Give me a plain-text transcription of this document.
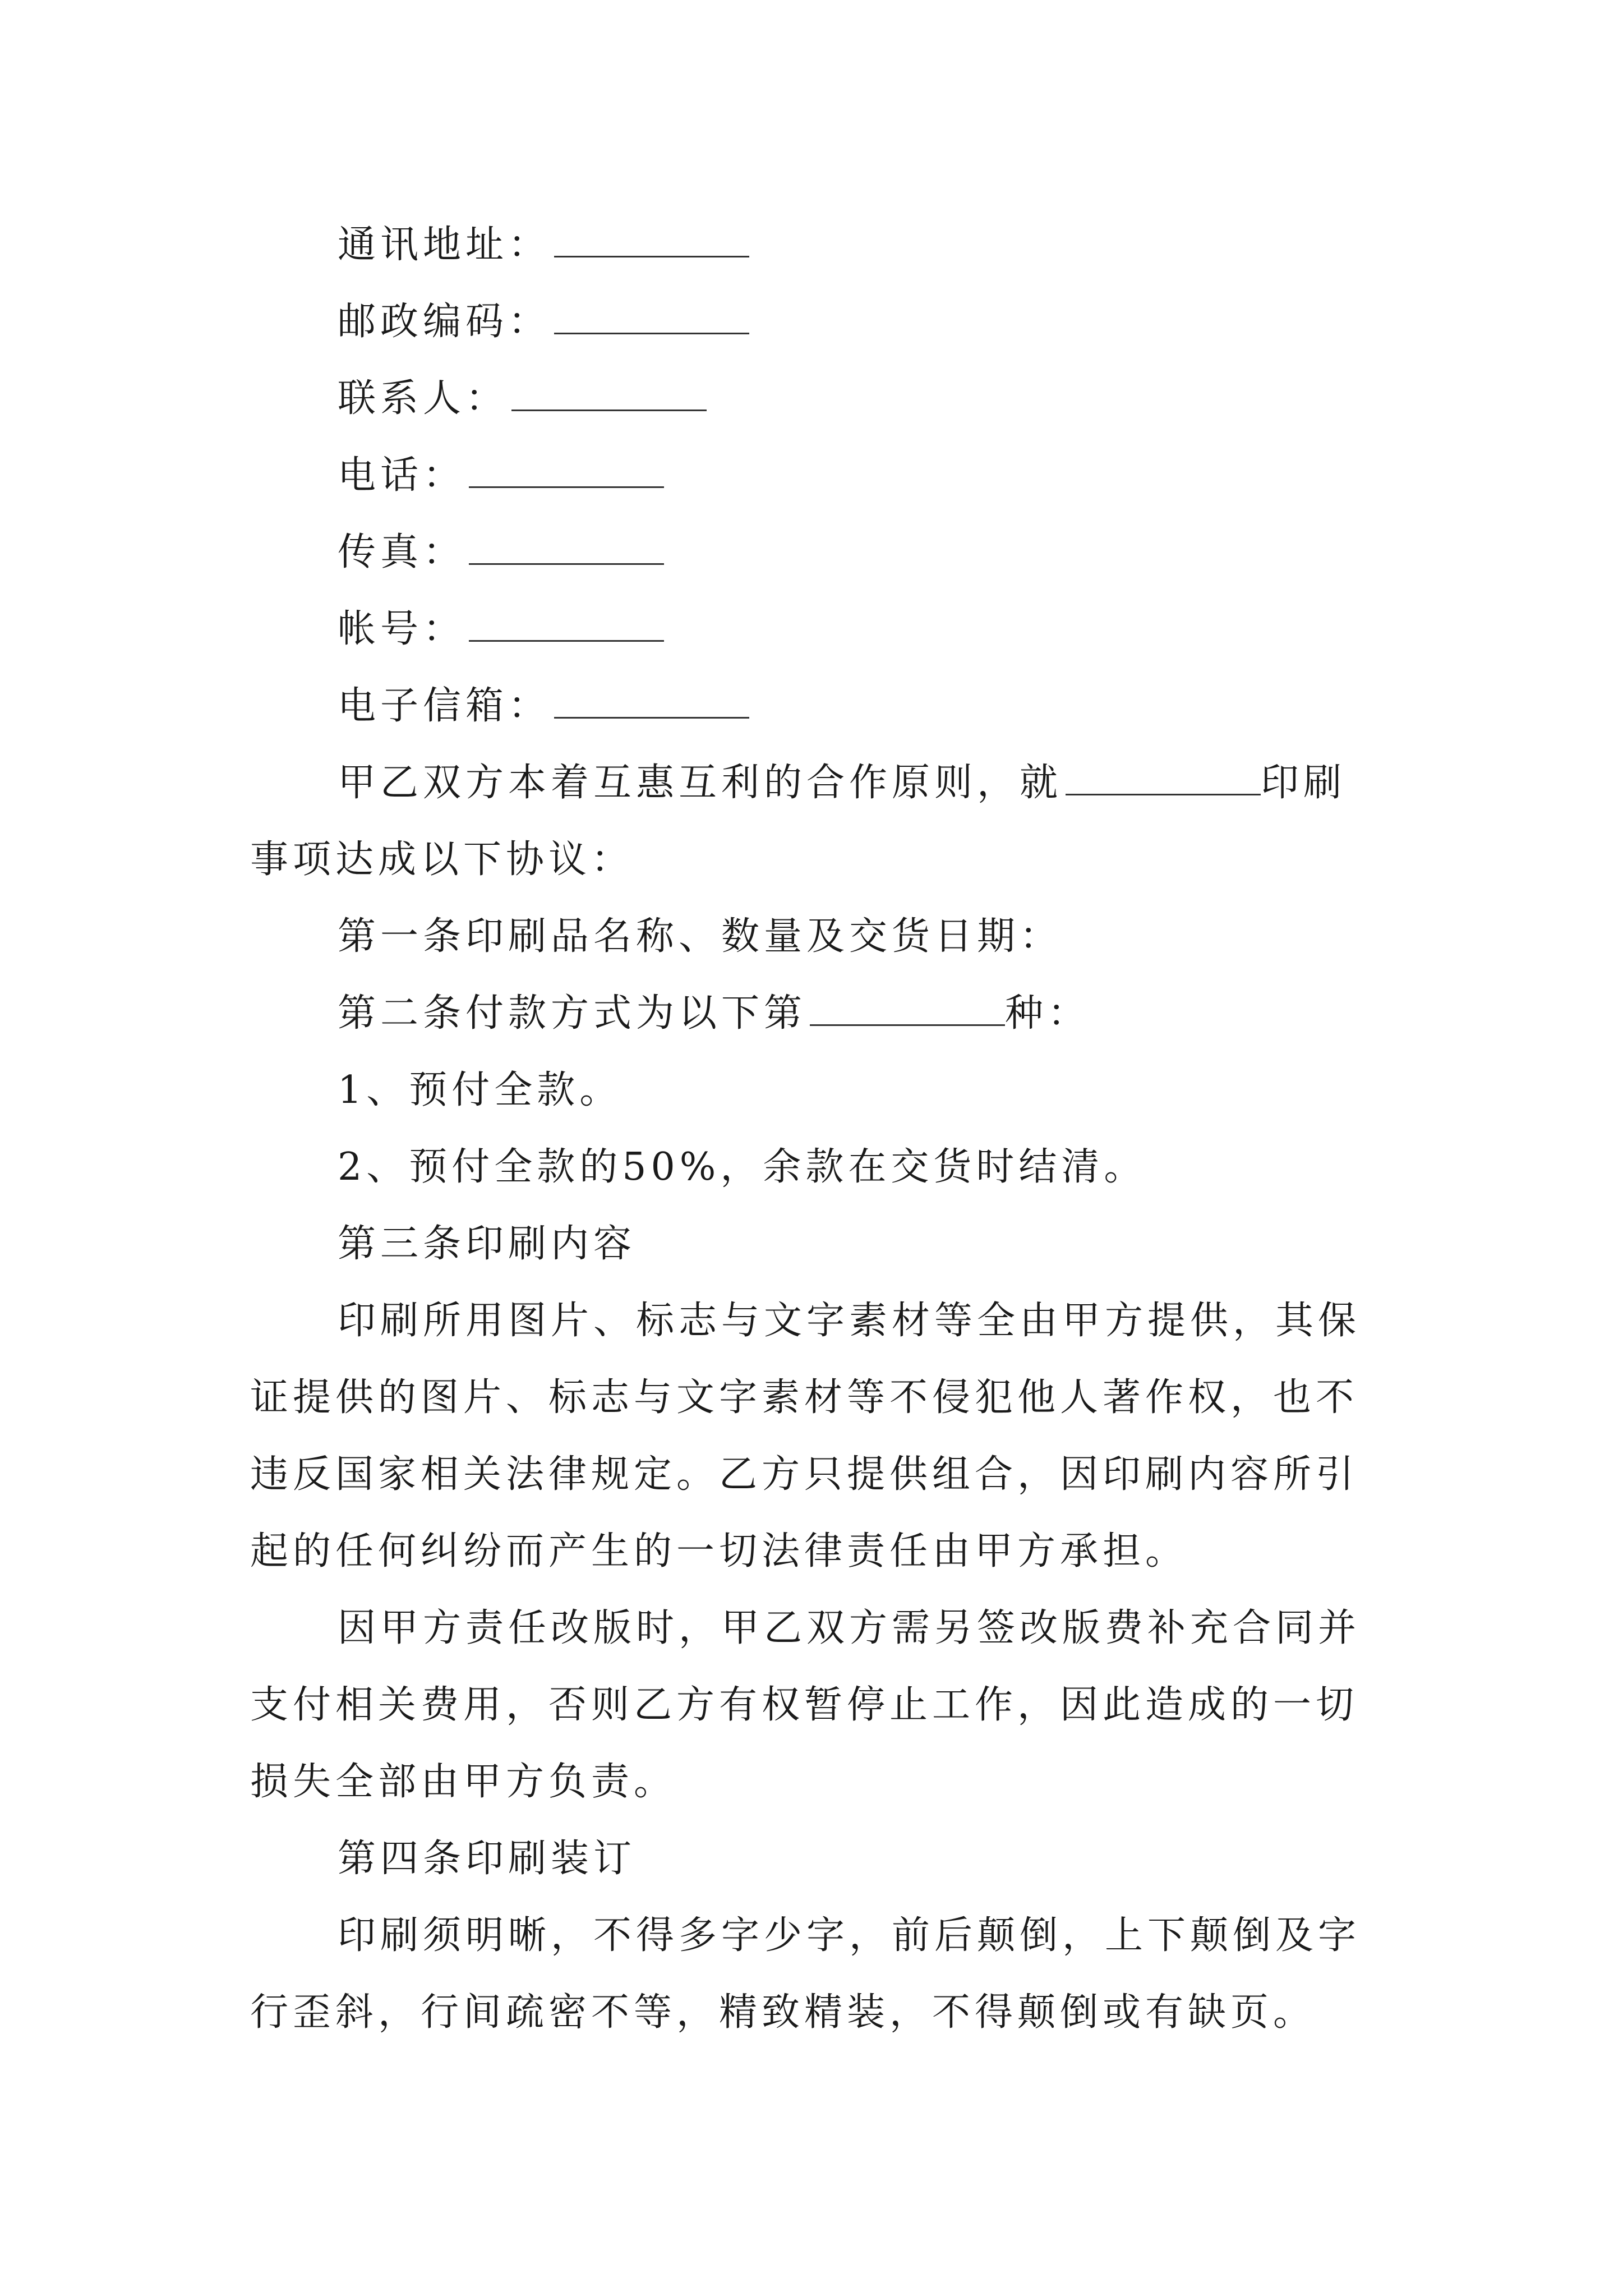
通讯地址：
邮政编码：
联系人：
电话：
传真：
帐号：
电子信箱：
甲乙双方本着互惠互利的合作原则，就	印刷
事项达成以下协议：
第一条印刷品名称、数量及交货日期：
第二条付款方式为以下第	种：
1、预付全款。
2、预付全款的50%，余款在交货时结清。
第三条印刷内容
印刷所用图片、标志与文字素材等全由甲方提供，其保
证提供的图片、标志与文字素材等不侵犯他人著作权，也不
违反国家相关法律规定。乙方只提供组合，因印刷内容所引
起的任何纠纷而产生的一切法律责任由甲方承担。
因甲方责任改版时，甲乙双方需另签改版费补充合同并
支付相关费用，否则乙方有权暂停止工作，因此造成的一切
损失全部由甲方负责。
第四条印刷装订
印刷须明晰，不得多字少字，前后颠倒，上下颠倒及字
行歪斜，行间疏密不等，精致精装，不得颠倒或有缺页。
